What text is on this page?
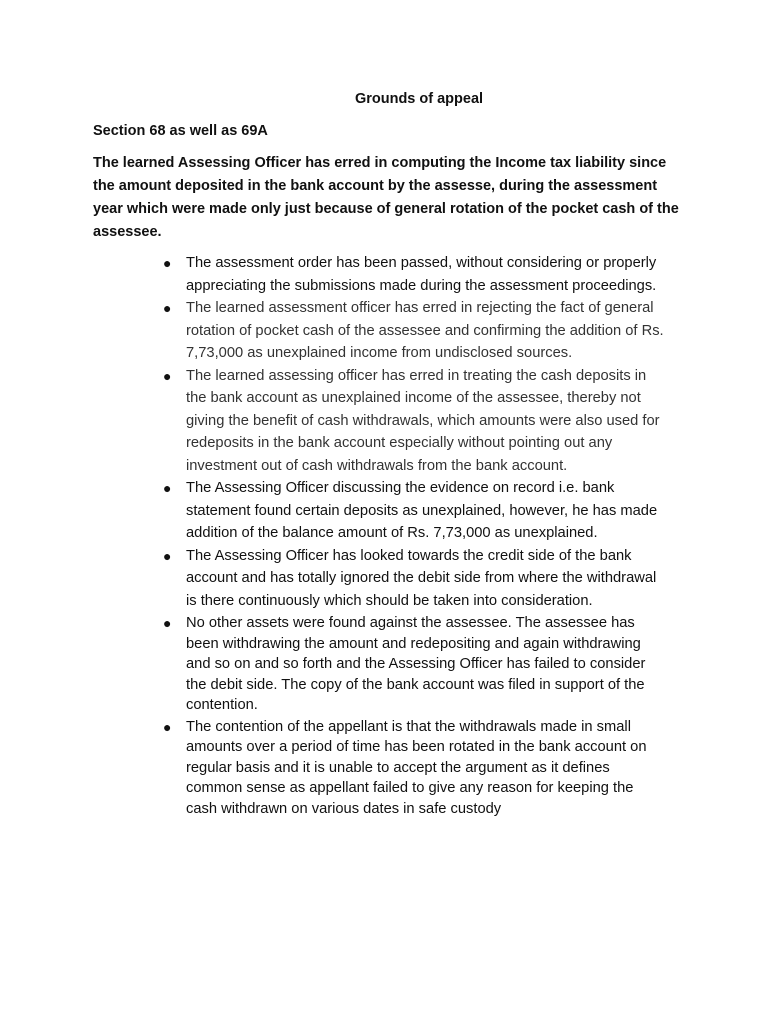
Grounds of appeal
Section 68 as well as 69A

The learned Assessing Officer has erred in computing the Income tax liability since the amount deposited in the bank account by the assesse, during the assessment year which were made only just because of general rotation of the pocket cash of the assessee.

● The assessment order has been passed, without considering or properly appreciating the submissions made during the assessment proceedings.
● The learned assessment officer has erred in rejecting the fact of general rotation of pocket cash of the assessee and confirming the addition of Rs. 7,73,000 as unexplained income from undisclosed sources.
● The learned assessing officer has erred in treating the cash deposits in the bank account as unexplained income of the assessee, thereby not giving the benefit of cash withdrawals, which amounts were also used for redeposits in the bank account especially without pointing out any investment out of cash withdrawals from the bank account.
● The Assessing Officer discussing the evidence on record i.e. bank statement found certain deposits as unexplained, however, he has made addition of the balance amount of Rs. 7,73,000 as unexplained.
● The Assessing Officer has looked towards the credit side of the bank account and has totally ignored the debit side from where the withdrawal is there continuously which should be taken into consideration.
● No other assets were found against the assessee. The assessee has been withdrawing the amount and redepositing and again withdrawing and so on and so forth and the Assessing Officer has failed to consider the debit side. The copy of the bank account was filed in support of the contention.
● The contention of the appellant is that the withdrawals made in small amounts over a period of time has been rotated in the bank account on regular basis and it is unable to accept the argument as it defines common sense as appellant failed to give any reason for keeping the cash withdrawn on various dates in safe custody
